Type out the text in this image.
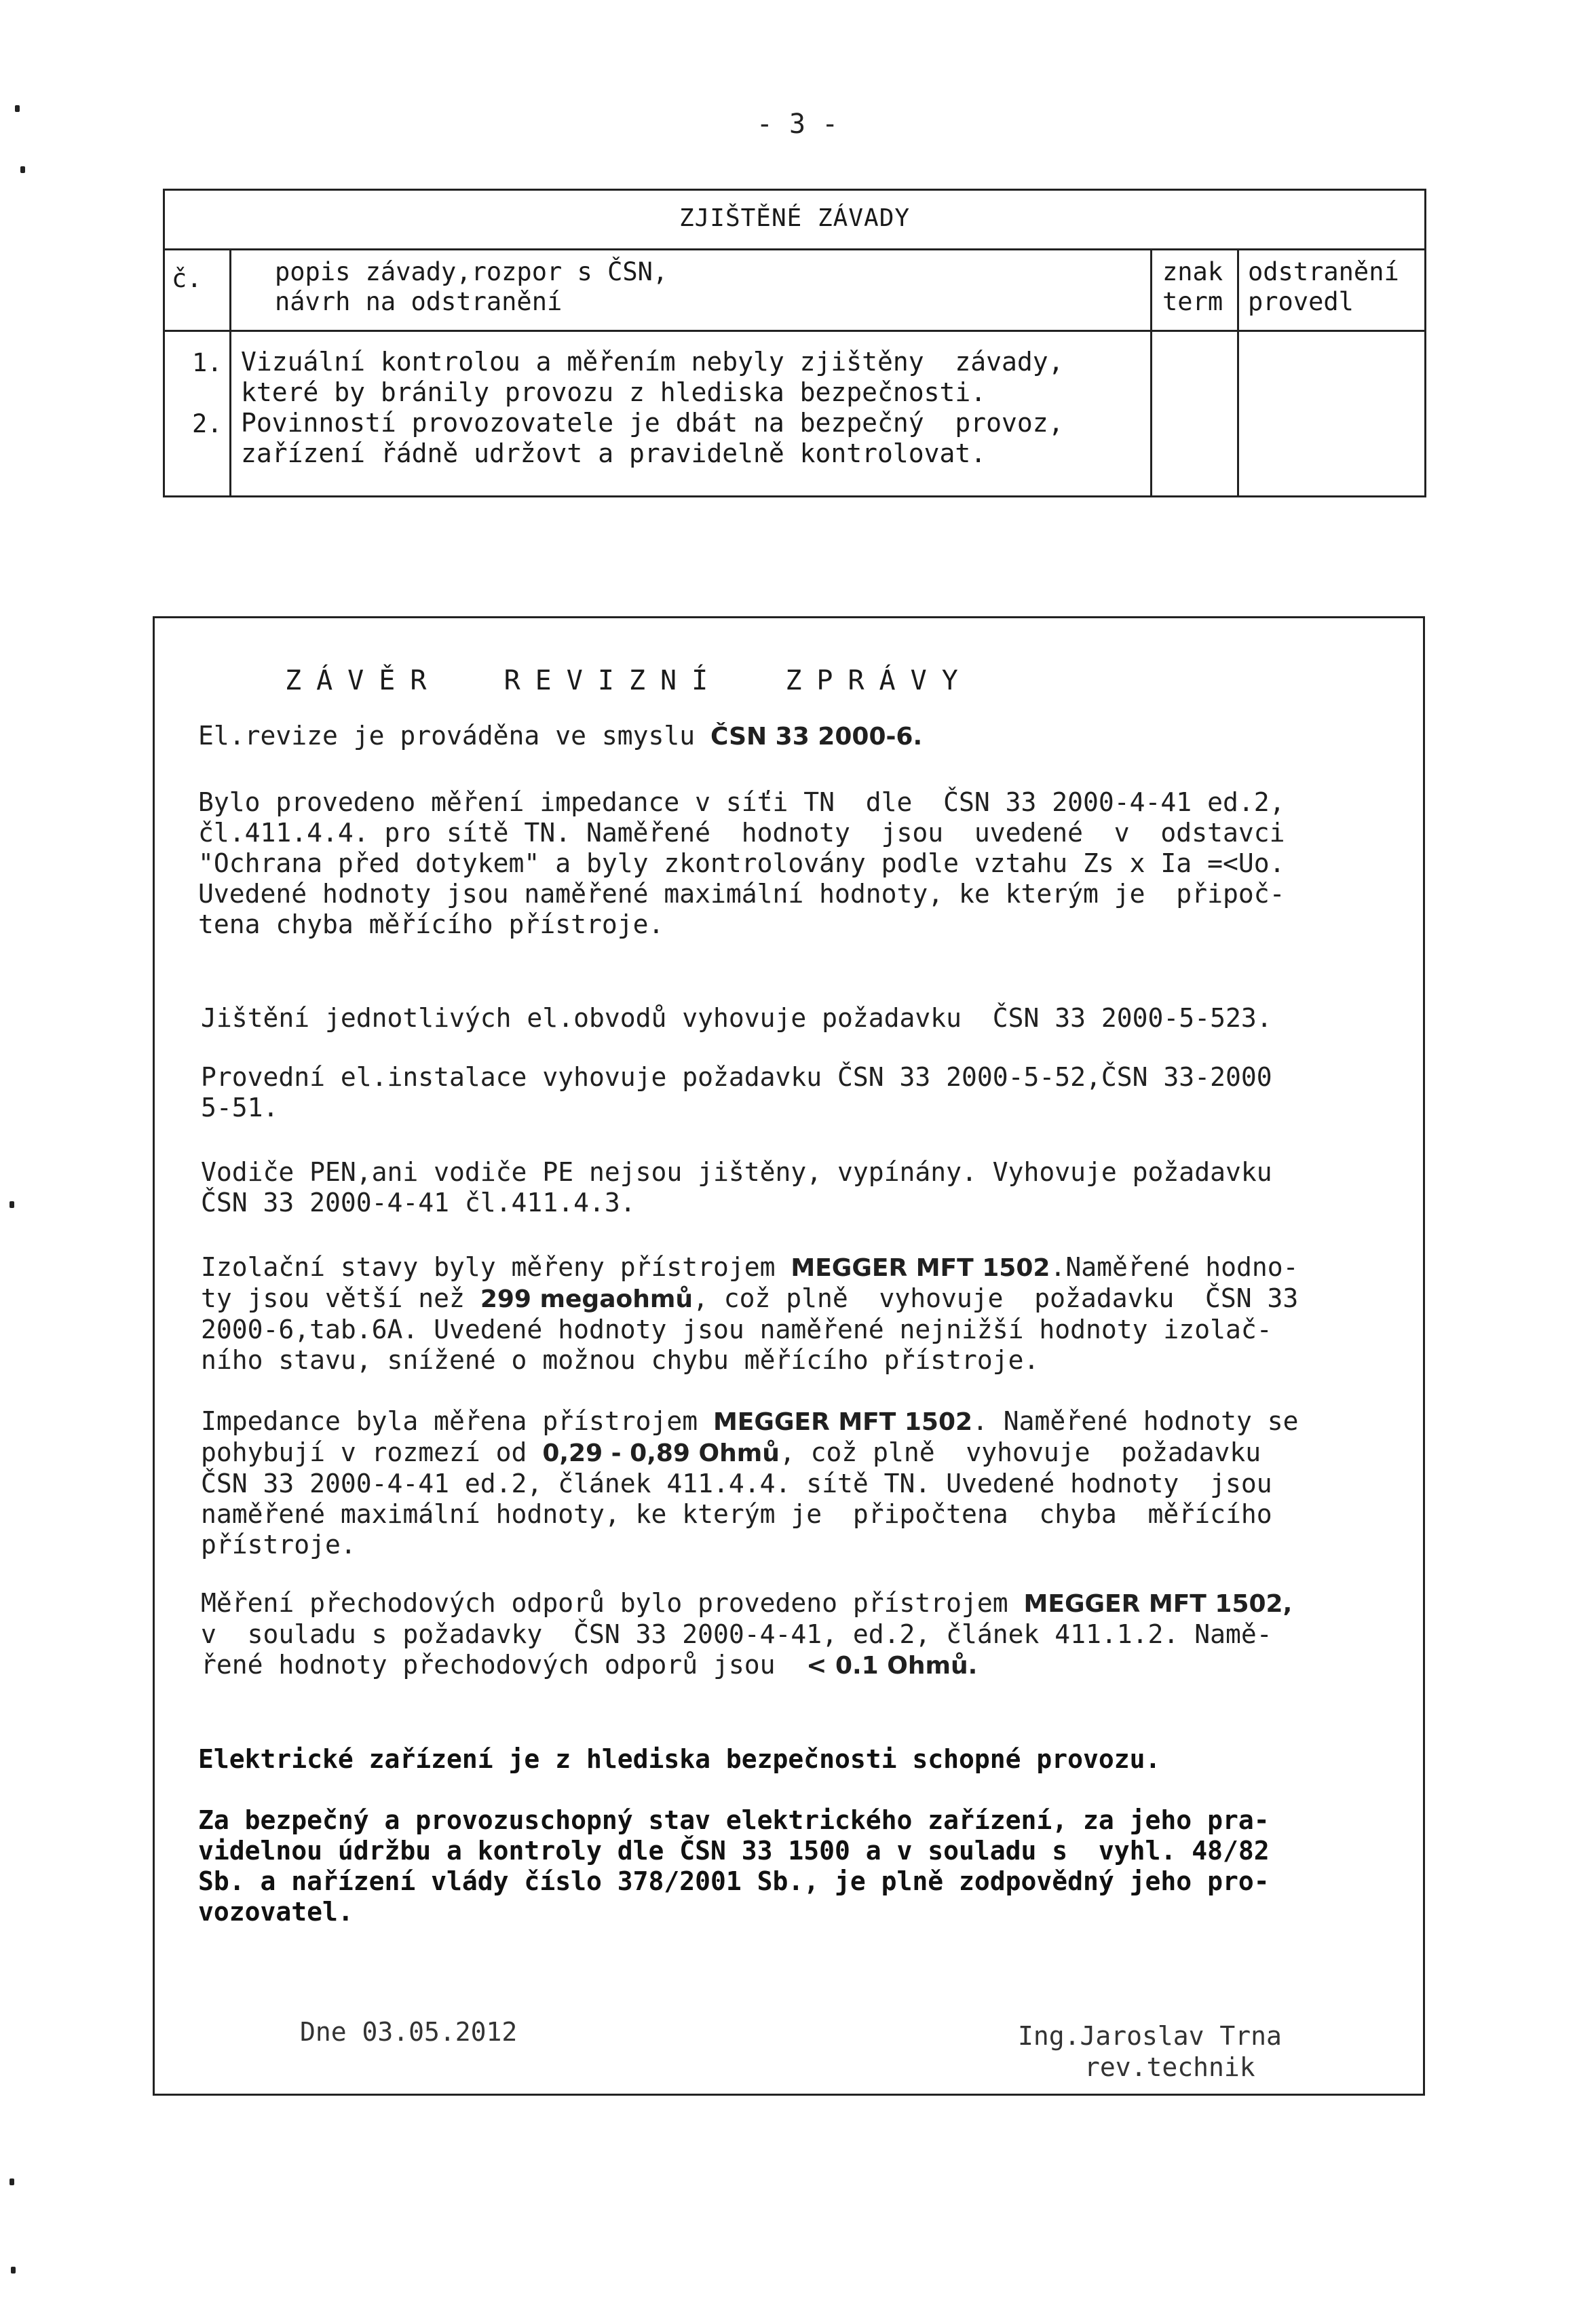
- 3 -
ZJIŠTĚNÉ ZÁVADY
č.	popis závady,rozpor s ČSN,
návrh na odstranění
znak
term
odstranění
provedl
1.
2.
Vizuální kontrolou a měřením nebyly zjištěny  závady,
které by bránily provozu z hlediska bezpečnosti.
Povinností provozovatele je dbát na bezpečný  provoz,
zařízení řádně udržovt a pravidelně kontrolovat.
ZÁVĚR  REVIZNÍ  ZPRÁVY
El.revize je prováděna ve smyslu ČSN 33 2000-6.
Bylo provedeno měření impedance v síťi TN  dle  ČSN 33 2000-4-41 ed.2,
čl.411.4.4. pro sítě TN. Naměřené  hodnoty  jsou  uvedené  v  odstavci
"Ochrana před dotykem" a byly zkontrolovány podle vztahu Zs x Ia =<Uo.
Uvedené hodnoty jsou naměřené maximální hodnoty, ke kterým je  připoč-
tena chyba měřícího přístroje.
Jištění jednotlivých el.obvodů vyhovuje požadavku  ČSN 33 2000-5-523.
Provední el.instalace vyhovuje požadavku ČSN 33 2000-5-52,ČSN 33-2000
5-51.
Vodiče PEN,ani vodiče PE nejsou jištěny, vypínány. Vyhovuje požadavku
ČSN 33 2000-4-41 čl.411.4.3.
Izolační stavy byly měřeny přístrojem MEGGER MFT 1502.Naměřené hodno-
ty jsou větší než 299 megaohmů, což plně  vyhovuje  požadavku  ČSN 33
2000-6,tab.6A. Uvedené hodnoty jsou naměřené nejnižší hodnoty izolač-
ního stavu, snížené o možnou chybu měřícího přístroje.
Impedance byla měřena přístrojem MEGGER MFT 1502. Naměřené hodnoty se
pohybují v rozmezí od 0,29 - 0,89 Ohmů, což plně  vyhovuje  požadavku
ČSN 33 2000-4-41 ed.2, článek 411.4.4. sítě TN. Uvedené hodnoty  jsou
naměřené maximální hodnoty, ke kterým je  připočtena  chyba  měřícího
přístroje.
Měření přechodových odporů bylo provedeno přístrojem MEGGER MFT 1502,
v  souladu s požadavky  ČSN 33 2000-4-41, ed.2, článek 411.1.2. Namě-
řené hodnoty přechodových odporů jsou  < 0.1 Ohmů.
Elektrické zařízení je z hlediska bezpečnosti schopné provozu.
Za bezpečný a provozuschopný stav elektrického zařízení, za jeho pra-
videlnou údržbu a kontroly dle ČSN 33 1500 a v souladu s  vyhl. 48/82
Sb. a nařízení vlády číslo 378/2001 Sb., je plně zodpovědný jeho pro-
vozovatel.
Dne 03.05.2012	Ing.Jaroslav Trna
rev.technik
